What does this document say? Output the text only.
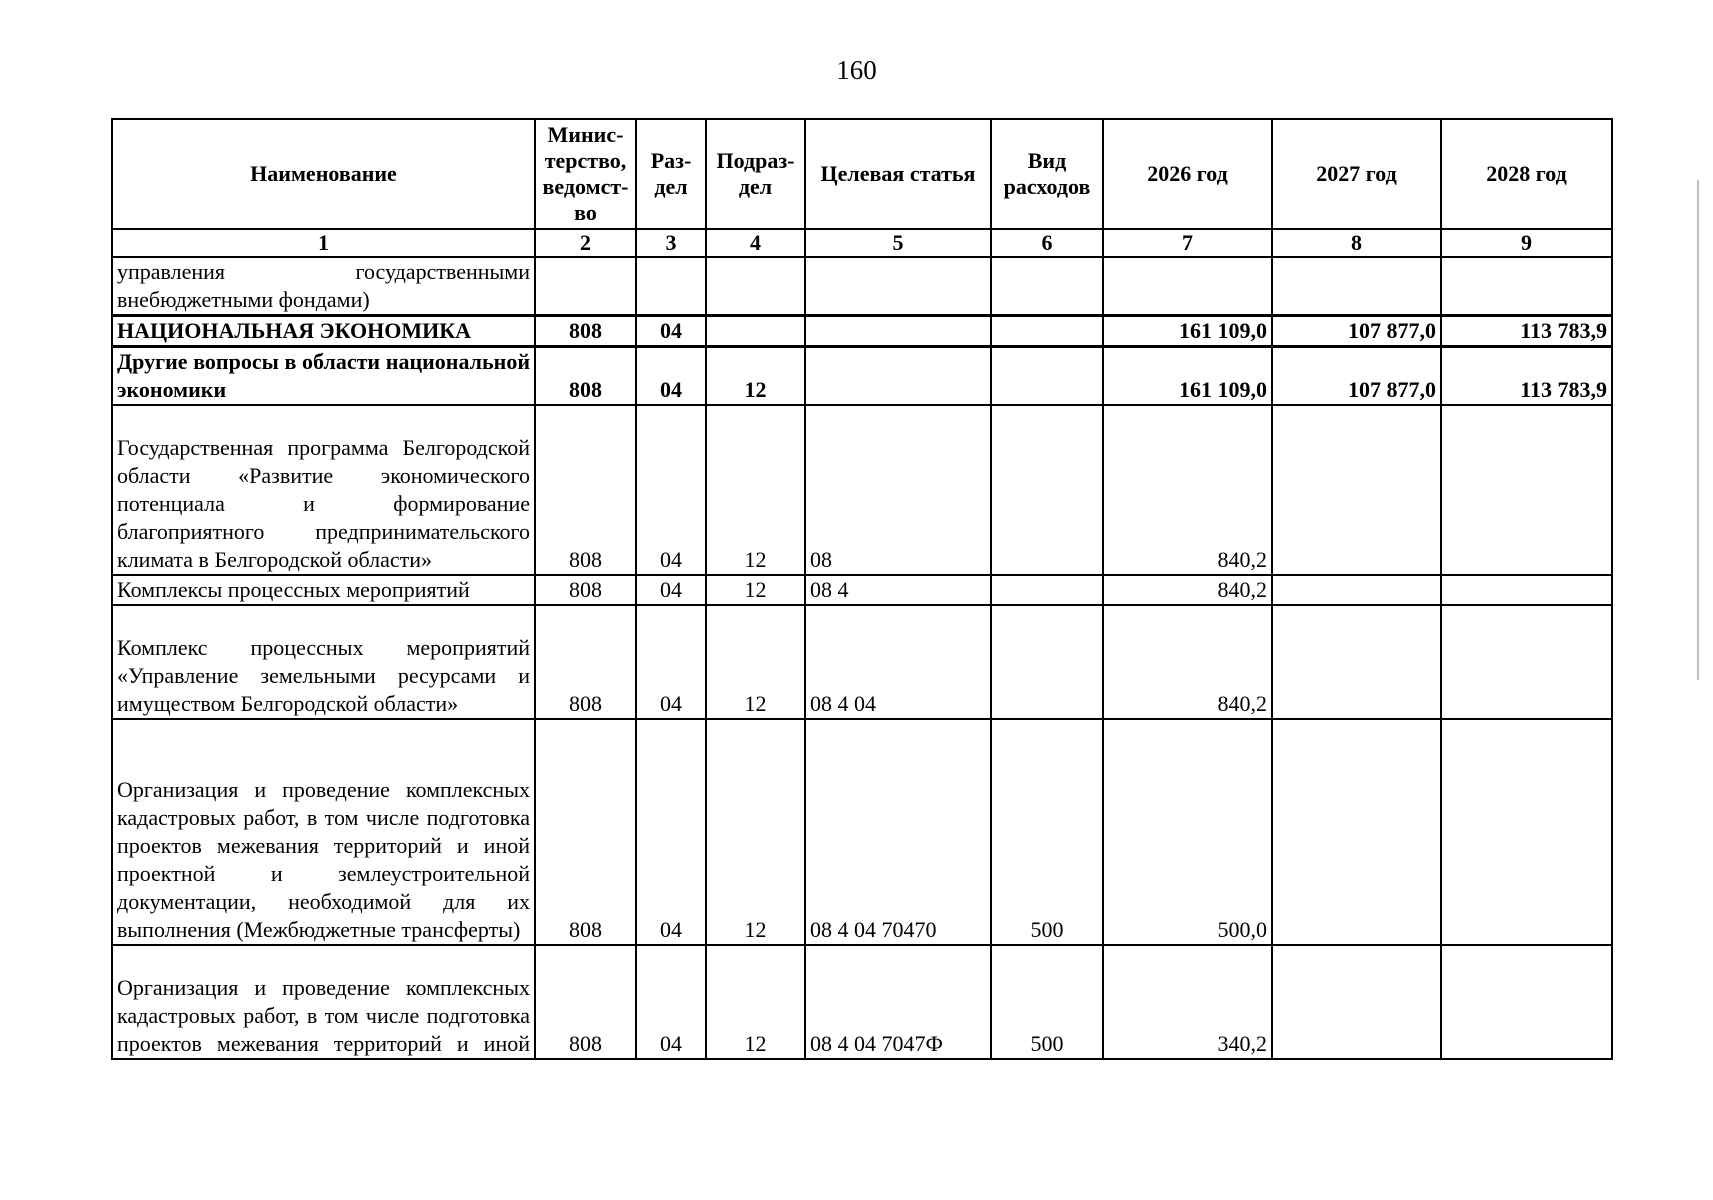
160
Наименование	Минис-терство, ведомст-во	Раз-дел	Подраз-дел	Целевая статья	Вид расходов	2026 год	2027 год	2028 год
1	2	3	4	5	6	7	8	9
управления государственными внебюджетными фондами)								
НАЦИОНАЛЬНАЯ ЭКОНОМИКА	808	04				161 109,0	107 877,0	113 783,9
Другие вопросы в области национальной экономики	808	04	12			161 109,0	107 877,0	113 783,9
Государственная программа Белгородской области «Развитие экономического потенциала и формирование благоприятного предпринимательского климата в Белгородской области»	808	04	12	08		840,2		
Комплексы процессных мероприятий	808	04	12	08 4		840,2		
Комплекс процессных мероприятий «Управление земельными ресурсами и имуществом Белгородской области»	808	04	12	08 4 04		840,2		
Организация и проведение комплексных кадастровых работ, в том числе подготовка проектов межевания территорий и иной проектной и землеустроительной документации, необходимой для их выполнения (Межбюджетные трансферты)	808	04	12	08 4 04 70470	500	500,0		
Организация и проведение комплексных кадастровых работ, в том числе подготовка проектов межевания территорий и иной	808	04	12	08 4 04 7047Ф	500	340,2		
